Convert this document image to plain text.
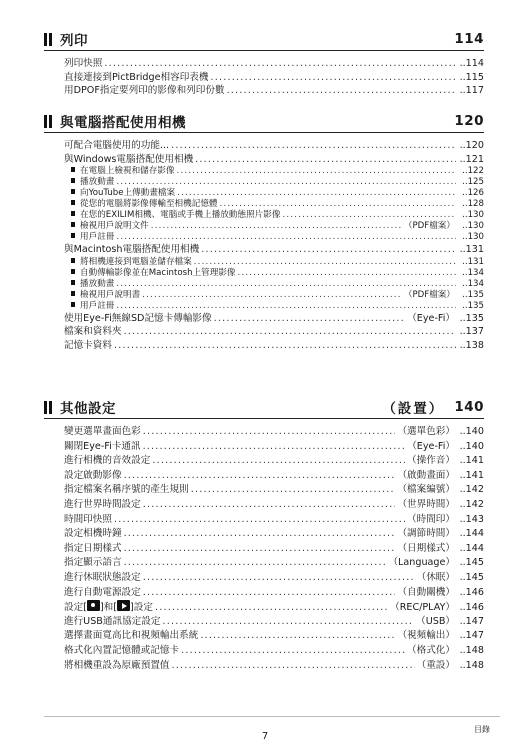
列印	114
列印快照 .....	..114
直接連接到PictBridge相容印表機 .....	..115
用DPOF指定要列印的影像和列印份數 .....	..117
與電腦搭配使用相機	120
可配合電腦使用的功能... .....	..120
與Windows電腦搭配使用相機 .....	..121
在電腦上檢視和儲存影像 .....	..122
播放動畫 .....	..125
向YouTube上傳動畫檔案 .....	..126
從您的電腦將影像傳輸至相機記憶體 .....	..128
在您的EXILIM相機、電腦或手機上播放動態照片影像 .....	..130
檢視用戶說明文件 .....	（PDF檔案） ..130
用戶註冊 .....	..130
與Macintosh電腦搭配使用相機 .....	..131
將相機連接到電腦並儲存檔案 .....	..131
自動傳輸影像並在Macintosh上管理影像 .....	..134
播放動畫 .....	..134
檢視用戶說明書 .....	（PDF檔案） ..135
用戶註冊 .....	..135
使用Eye-Fi無線SD記憶卡傳輸影像 .....	（Eye-Fi） ..135
檔案和資料夾 .....	..137
記憶卡資料 .....	..138
其他設定	（設置） 140
變更選單畫面色彩 .....	（選單色彩） ..140
關閉Eye-Fi卡通訊 .....	（Eye-Fi） ..140
進行相機的音效設定 .....	（操作音） ..141
設定啟動影像 .....	（啟動畫面） ..141
指定檔案名稱序號的產生規則 .....	（檔案編號） ..142
進行世界時間設定 .....	（世界時間） ..142
時間印快照 .....	（時間印） ..143
設定相機時鐘 .....	（調節時間） ..144
指定日期樣式 .....	（日期樣式） ..144
指定顯示語言 .....	（Language） ..145
進行休眠狀態設定 .....	（休眠） ..145
進行自動電源設定 .....	（自動關機） ..146
設定[ ]和[ ]設定 .....	（REC/PLAY） ..146
進行USB通訊協定設定 .....	（USB） ..147
選擇畫面寬高比和視頻輸出系統 .....	（視頻輸出） ..147
格式化內置記憶體或記憶卡 .....	（格式化） ..148
將相機重設為原廠預置值 .....	（重設） ..148
7
目錄
